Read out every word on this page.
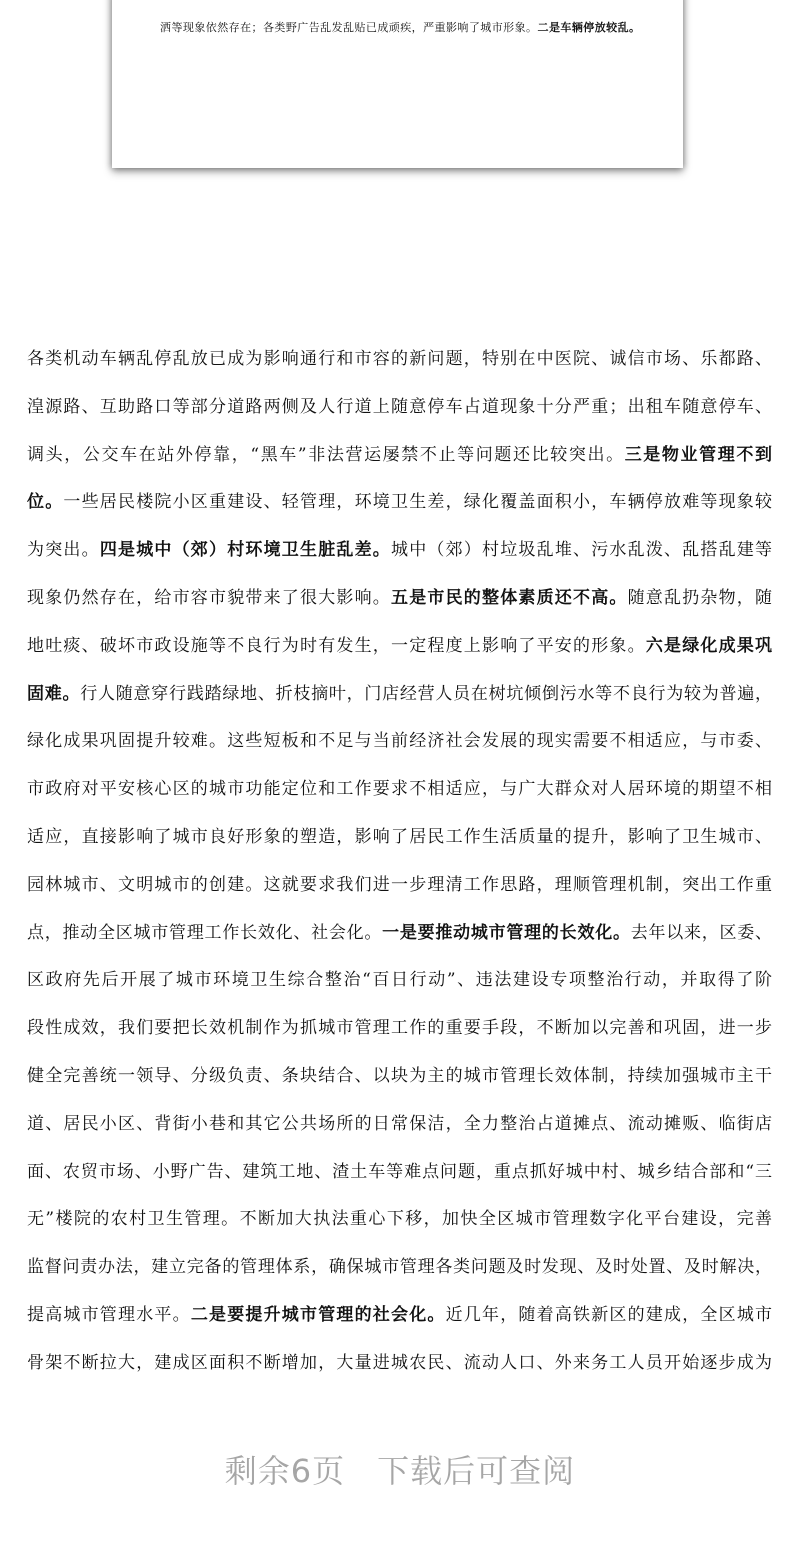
洒等现象依然存在；各类野广告乱发乱贴已成顽疾，严重影响了城市形象。二是车辆停放较乱。
各类机动车辆乱停乱放已成为影响通行和市容的新问题，特别在中医院、诚信市场、乐都路、
湟源路、互助路口等部分道路两侧及人行道上随意停车占道现象十分严重；出租车随意停车、
调头，公交车在站外停靠，“黑车”非法营运屡禁不止等问题还比较突出。三是物业管理不到
位。一些居民楼院小区重建设、轻管理，环境卫生差，绿化覆盖面积小，车辆停放难等现象较
为突出。四是城中（郊）村环境卫生脏乱差。城中（郊）村垃圾乱堆、污水乱泼、乱搭乱建等
现象仍然存在，给市容市貌带来了很大影响。五是市民的整体素质还不高。随意乱扔杂物，随
地吐痰、破坏市政设施等不良行为时有发生，一定程度上影响了平安的形象。六是绿化成果巩
固难。行人随意穿行践踏绿地、折枝摘叶，门店经营人员在树坑倾倒污水等不良行为较为普遍，
绿化成果巩固提升较难。这些短板和不足与当前经济社会发展的现实需要不相适应，与市委、
市政府对平安核心区的城市功能定位和工作要求不相适应，与广大群众对人居环境的期望不相
适应，直接影响了城市良好形象的塑造，影响了居民工作生活质量的提升，影响了卫生城市、
园林城市、文明城市的创建。这就要求我们进一步理清工作思路，理顺管理机制，突出工作重
点，推动全区城市管理工作长效化、社会化。一是要推动城市管理的长效化。去年以来，区委、
区政府先后开展了城市环境卫生综合整治“百日行动”、违法建设专项整治行动，并取得了阶
段性成效，我们要把长效机制作为抓城市管理工作的重要手段，不断加以完善和巩固，进一步
健全完善统一领导、分级负责、条块结合、以块为主的城市管理长效体制，持续加强城市主干
道、居民小区、背街小巷和其它公共场所的日常保洁，全力整治占道摊点、流动摊贩、临街店
面、农贸市场、小野广告、建筑工地、渣土车等难点问题，重点抓好城中村、城乡结合部和“三
无”楼院的农村卫生管理。不断加大执法重心下移，加快全区城市管理数字化平台建设，完善
监督问责办法，建立完备的管理体系，确保城市管理各类问题及时发现、及时处置、及时解决，
提高城市管理水平。二是要提升城市管理的社会化。近几年，随着高铁新区的建成，全区城市
骨架不断拉大，建成区面积不断增加，大量进城农民、流动人口、外来务工人员开始逐步成为
剩余6页 下载后可查阅
